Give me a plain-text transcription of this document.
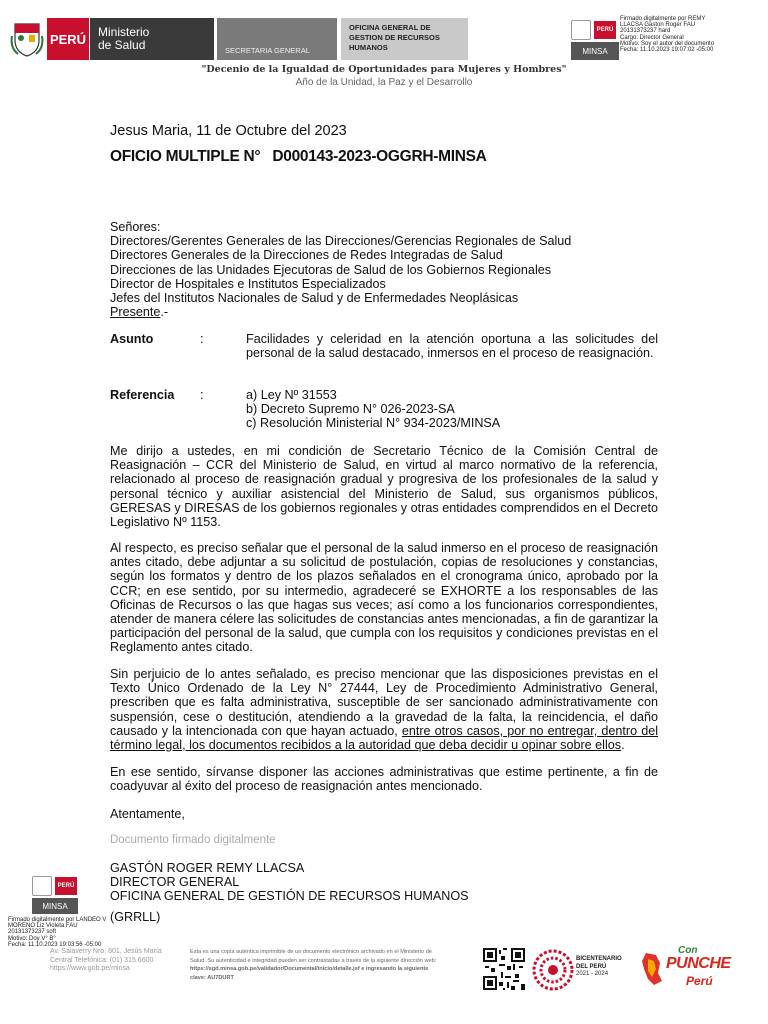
PERÚ Ministerio
de Salud	SECRETARIA GENERAL
OFICINA GENERAL DE
GESTION DE RECURSOS
HUMANOS
PERÚ
MINSA
Firmado digitalmente por REMY
LLACSA Gaston Roger FAU
20131373237 hard
Cargo: Director General
Motivo: Soy el autor del documento
Fecha: 11.10.2023 19:07:02 -05:00
"Decenio de la Igualdad de Oportunidades para Mujeres y Hombres"
Año de la Unidad, la Paz y el Desarrollo
Jesus Maria, 11 de Octubre del 2023
OFICIO MULTIPLE N°   D000143-2023-OGGRH-MINSA
Señores:
Directores/Gerentes Generales de las Direcciones/Gerencias Regionales de Salud
Directores Generales de la Direcciones de Redes Integradas de Salud
Direcciones de las Unidades Ejecutoras de Salud de los Gobiernos Regionales
Director de Hospitales e Institutos Especializados
Jefes del Institutos Nacionales de Salud y de Enfermedades Neoplásicas
Presente.-
Asunto	:	Facilidades y celeridad en la atención oportuna a las solicitudes del personal de la salud destacado, inmersos en el proceso de reasignación.
Referencia :	a) Ley Nº 31553
b) Decreto Supremo N° 026-2023-SA
c) Resolución Ministerial N° 934-2023/MINSA
Me dirijo a ustedes, en mi condición de Secretario Técnico de la Comisión Central de Reasignación – CCR del Ministerio de Salud, en virtud al marco normativo de la referencia, relacionado al proceso de reasignación gradual y progresiva de los profesionales de la salud y personal técnico y auxiliar asistencial del Ministerio de Salud, sus organismos públicos, GERESAS y DIRESAS de los gobiernos regionales y otras entidades comprendidos en el Decreto Legislativo Nº 1153.
Al respecto, es preciso señalar que el personal de la salud inmerso en el proceso de reasignación antes citado, debe adjuntar a su solicitud de postulación, copias de resoluciones y constancias, según los formatos y dentro de los plazos señalados en el cronograma único, aprobado por la CCR; en ese sentido, por su intermedio, agradeceré se EXHORTE a los responsables de las Oficinas de Recursos o las que hagas sus veces; así como a los funcionarios correspondientes, atender de manera célere las solicitudes de constancias antes mencionadas, a fin de garantizar la participación del personal de la salud, que cumpla con los requisitos y condiciones previstas en el Reglamento antes citado.
Sin perjuicio de lo antes señalado, es preciso mencionar que las disposiciones previstas en el Texto Único Ordenado de la Ley N° 27444, Ley de Procedimiento Administrativo General, prescriben que es falta administrativa, susceptible de ser sancionado administrativamente con suspensión, cese o destitución, atendiendo a la gravedad de la falta, la reincidencia, el daño causado y la intencionada con que hayan actuado, entre otros casos, por no entregar, dentro del término legal, los documentos recibidos a la autoridad que deba decidir u opinar sobre ellos.
En ese sentido, sírvanse disponer las acciones administrativas que estime pertinente, a fin de coadyuvar al éxito del proceso de reasignación antes mencionado.
Atentamente,
Documento firmado digitalmente
GASTÓN ROGER REMY LLACSA
DIRECTOR GENERAL
OFICINA GENERAL DE GESTIÓN DE RECURSOS HUMANOS
(GRRLL)
PERÚ
MINSA
Firmado digitalmente por LANDEO V
MORENO Liz Violeta FAU
20131373237 soft
Motivo: Doy V° B°
Fecha: 11.10.2023 19:03:56 -05:00
Av. Salaverry Nro. 801, Jesús María
Central Telefónica: (01) 315 6600
https://www.gob.pe/minsa
Esta es una copia auténtica imprimible de un documento electrónico archivado en el Ministerio de
Salud. Su autenticidad e integridad pueden ser contrastadas a través de la siguiente dirección web:
https://sgd.minsa.gob.pe/validador/Documental/inicio/detalle.jsf e ingresando la siguiente
clave: AU7DURT
BICENTENARIO
DEL PERÚ
2021 - 2024
Con
PUNCHE
Perú
